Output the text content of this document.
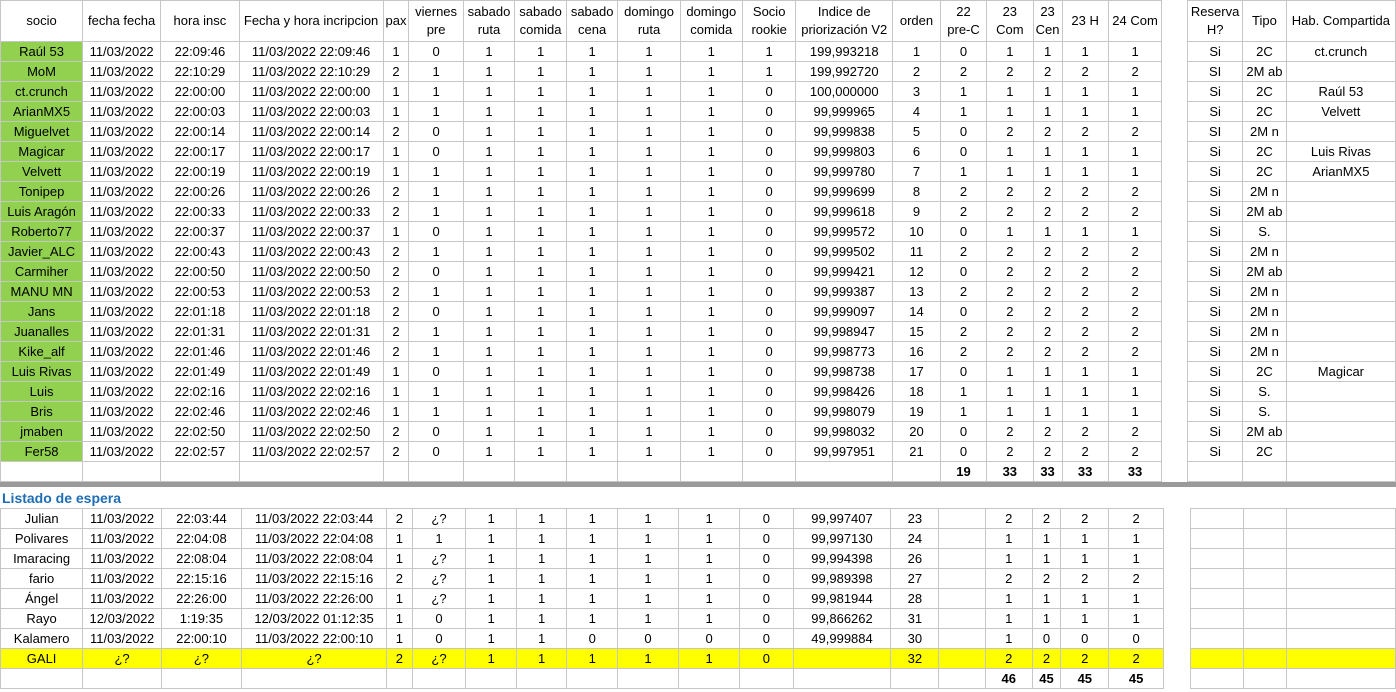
socio	fecha fecha	hora insc	Fecha y hora incripcion	pax	viernes pre	sabado ruta	sabado comida	sabado cena	domingo ruta	domingo comida	Socio rookie	Indice de priorización V2	orden	22 pre-C	23 Com	23 Cen	23 H	24 Com		Reserva H?	Tipo	Hab. Compartida
Raúl 53	11/03/2022	22:09:46	11/03/2022 22:09:46	1	0	1	1	1	1	1	1	199,993218	1	0	1	1	1	1		Si	2C	ct.crunch
MoM	11/03/2022	22:10:29	11/03/2022 22:10:29	2	1	1	1	1	1	1	1	199,992720	2	2	2	2	2	2		SI	2M ab	
ct.crunch	11/03/2022	22:00:00	11/03/2022 22:00:00	1	1	1	1	1	1	1	0	100,000000	3	1	1	1	1	1		Si	2C	Raúl 53
ArianMX5	11/03/2022	22:00:03	11/03/2022 22:00:03	1	1	1	1	1	1	1	0	99,999965	4	1	1	1	1	1		Si	2C	Velvett
Miguelvet	11/03/2022	22:00:14	11/03/2022 22:00:14	2	0	1	1	1	1	1	0	99,999838	5	0	2	2	2	2		SI	2M n	
Magicar	11/03/2022	22:00:17	11/03/2022 22:00:17	1	0	1	1	1	1	1	0	99,999803	6	0	1	1	1	1		Si	2C	Luis Rivas
Velvett	11/03/2022	22:00:19	11/03/2022 22:00:19	1	1	1	1	1	1	1	0	99,999780	7	1	1	1	1	1		Si	2C	ArianMX5
Tonipep	11/03/2022	22:00:26	11/03/2022 22:00:26	2	1	1	1	1	1	1	0	99,999699	8	2	2	2	2	2		Si	2M n	
Luis Aragón	11/03/2022	22:00:33	11/03/2022 22:00:33	2	1	1	1	1	1	1	0	99,999618	9	2	2	2	2	2		Si	2M ab	
Roberto77	11/03/2022	22:00:37	11/03/2022 22:00:37	1	0	1	1	1	1	1	0	99,999572	10	0	1	1	1	1		Si	S.	
Javier_ALC	11/03/2022	22:00:43	11/03/2022 22:00:43	2	1	1	1	1	1	1	0	99,999502	11	2	2	2	2	2		Si	2M n	
Carmiher	11/03/2022	22:00:50	11/03/2022 22:00:50	2	0	1	1	1	1	1	0	99,999421	12	0	2	2	2	2		Si	2M ab	
MANU MN	11/03/2022	22:00:53	11/03/2022 22:00:53	2	1	1	1	1	1	1	0	99,999387	13	2	2	2	2	2		Si	2M n	
Jans	11/03/2022	22:01:18	11/03/2022 22:01:18	2	0	1	1	1	1	1	0	99,999097	14	0	2	2	2	2		Si	2M n	
Juanalles	11/03/2022	22:01:31	11/03/2022 22:01:31	2	1	1	1	1	1	1	0	99,998947	15	2	2	2	2	2		Si	2M n	
Kike_alf	11/03/2022	22:01:46	11/03/2022 22:01:46	2	1	1	1	1	1	1	0	99,998773	16	2	2	2	2	2		Si	2M n	
Luis Rivas	11/03/2022	22:01:49	11/03/2022 22:01:49	1	0	1	1	1	1	1	0	99,998738	17	0	1	1	1	1		Si	2C	Magicar
Luis	11/03/2022	22:02:16	11/03/2022 22:02:16	1	1	1	1	1	1	1	0	99,998426	18	1	1	1	1	1		Si	S.	
Bris	11/03/2022	22:02:46	11/03/2022 22:02:46	1	1	1	1	1	1	1	0	99,998079	19	1	1	1	1	1		Si	S.	
jmaben	11/03/2022	22:02:50	11/03/2022 22:02:50	2	0	1	1	1	1	1	0	99,998032	20	0	2	2	2	2		Si	2M ab	
Fer58	11/03/2022	22:02:57	11/03/2022 22:02:57	2	0	1	1	1	1	1	0	99,997951	21	0	2	2	2	2		Si	2C	
														19	33	33	33	33				
Listado de espera
Julian	11/03/2022	22:03:44	11/03/2022 22:03:44	2	¿?	1	1	1	1	1	0	99,997407	23		2	2	2	2				
Polivares	11/03/2022	22:04:08	11/03/2022 22:04:08	1	1	1	1	1	1	1	0	99,997130	24		1	1	1	1				
Imaracing	11/03/2022	22:08:04	11/03/2022 22:08:04	1	¿?	1	1	1	1	1	0	99,994398	26		1	1	1	1				
fario	11/03/2022	22:15:16	11/03/2022 22:15:16	2	¿?	1	1	1	1	1	0	99,989398	27		2	2	2	2				
Ángel	11/03/2022	22:26:00	11/03/2022 22:26:00	1	¿?	1	1	1	1	1	0	99,981944	28		1	1	1	1				
Rayo	12/03/2022	1:19:35	12/03/2022 01:12:35	1	0	1	1	1	1	1	0	99,866262	31		1	1	1	1				
Kalamero	11/03/2022	22:00:10	11/03/2022 22:00:10	1	0	1	1	0	0	0	0	49,999884	30		1	0	0	0				
GALI	¿?	¿?	¿?	2	¿?	1	1	1	1	1	0		32		2	2	2	2				
															46	45	45	45				
